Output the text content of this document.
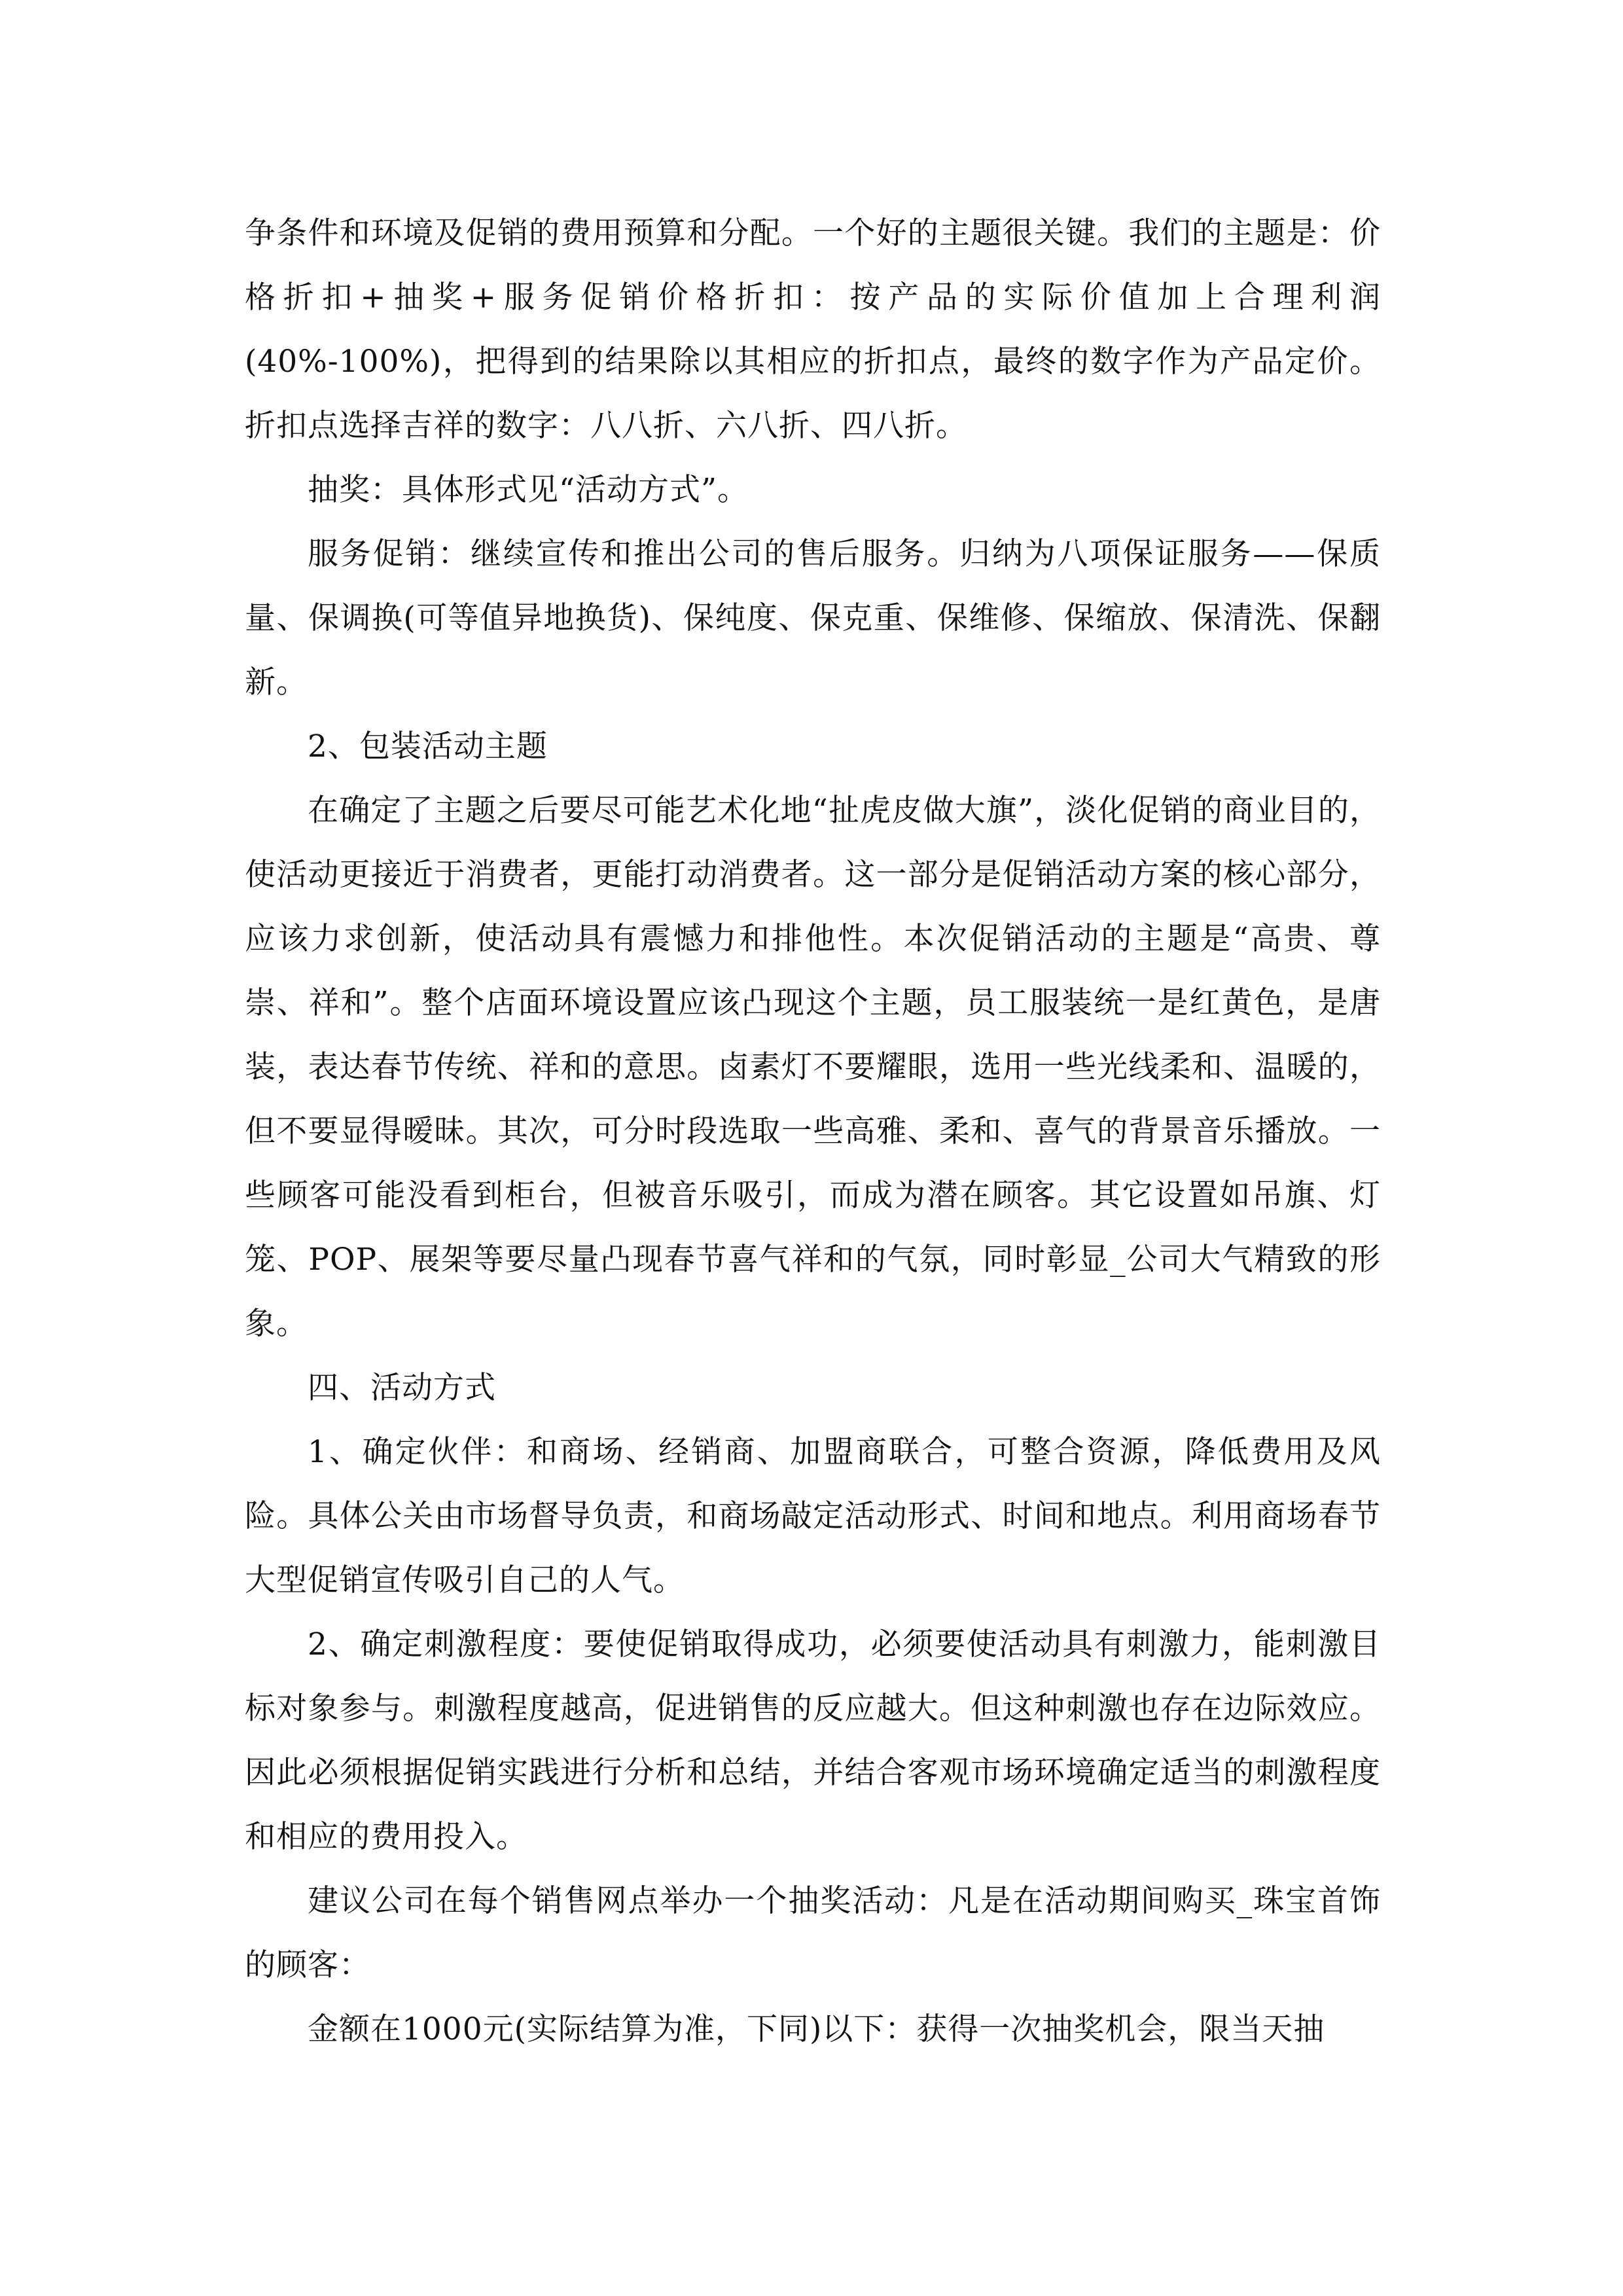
争条件和环境及促销的费用预算和分配。一个好的主题很关键。我们的主题是：价格折扣+抽奖+服务促销价格折扣：按产品的实际价值加上合理利润(40%-100%)，把得到的结果除以其相应的折扣点，最终的数字作为产品定价。折扣点选择吉祥的数字：八八折、六八折、四八折。

抽奖：具体形式见“活动方式”。

服务促销：继续宣传和推出公司的售后服务。归纳为八项保证服务——保质量、保调换(可等值异地换货)、保纯度、保克重、保维修、保缩放、保清洗、保翻新。

2、包装活动主题

在确定了主题之后要尽可能艺术化地“扯虎皮做大旗”，淡化促销的商业目的，使活动更接近于消费者，更能打动消费者。这一部分是促销活动方案的核心部分，应该力求创新，使活动具有震憾力和排他性。本次促销活动的主题是“高贵、尊崇、祥和”。整个店面环境设置应该凸现这个主题，员工服装统一是红黄色，是唐装，表达春节传统、祥和的意思。卤素灯不要耀眼，选用一些光线柔和、温暖的，但不要显得暧昧。其次，可分时段选取一些高雅、柔和、喜气的背景音乐播放。一些顾客可能没看到柜台，但被音乐吸引，而成为潜在顾客。其它设置如吊旗、灯笼、POP、展架等要尽量凸现春节喜气祥和的气氛，同时彰显_公司大气精致的形象。

四、活动方式

1、确定伙伴：和商场、经销商、加盟商联合，可整合资源，降低费用及风险。具体公关由市场督导负责，和商场敲定活动形式、时间和地点。利用商场春节大型促销宣传吸引自己的人气。

2、确定刺激程度：要使促销取得成功，必须要使活动具有刺激力，能刺激目标对象参与。刺激程度越高，促进销售的反应越大。但这种刺激也存在边际效应。因此必须根据促销实践进行分析和总结，并结合客观市场环境确定适当的刺激程度和相应的费用投入。

建议公司在每个销售网点举办一个抽奖活动：凡是在活动期间购买_珠宝首饰的顾客：

金额在1000元(实际结算为准，下同)以下：获得一次抽奖机会，限当天抽
